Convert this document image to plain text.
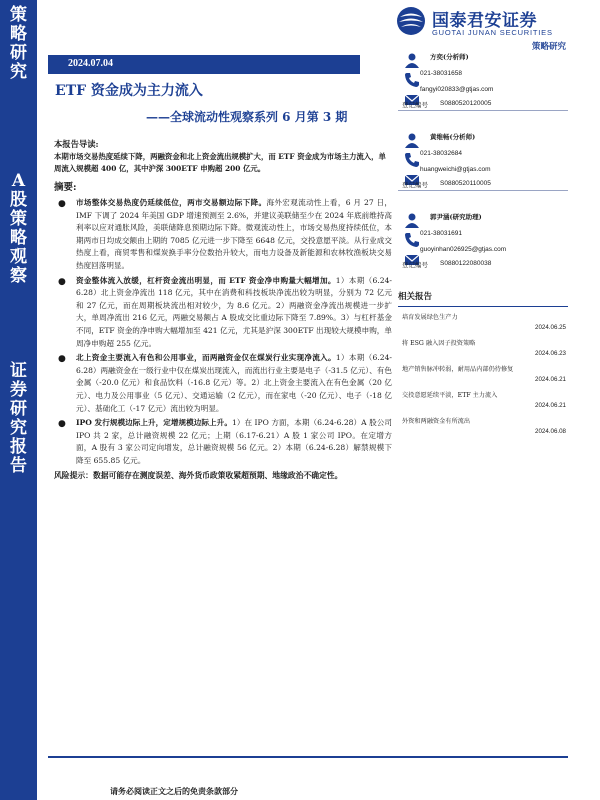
策
略
研
究
A
股
策
略
观
察
证
券
研
究
报
告
国泰君安证券
GUOTAI JUNAN SECURITIES
策略研究
2024.07.04
ETF 资金成为主力流入
——全球流动性观察系列 6 月第 3 期
本报告导读:
本期市场交易热度延续下降，两融资金和北上资金流出规模扩大，而 ETF 资金成为市场主力流入，单周流入规模超 400 亿，其中沪深 300ETF 申购超 200 亿元。
摘要:
● 市场整体交易热度仍延续低位，两市交易额边际下降。海外宏观流动性上看，6 月 27 日，IMF 下调了 2024 年美国 GDP 增速预测至 2.6%，并建议美联储至少在 2024 年底前维持高利率以应对通胀风险，美联储降息预期边际下降。微观流动性上，市场交易热度持续低位，本期两市日均成交额由上期的 7085 亿元进一步下降至 6648 亿元，交投意愿平淡。从行业成交热度上看，商贸零售和煤炭换手率分位数抬升较大，而电力设备及新能源和农林牧渔板块交易热度回落明显。
● 资金整体流入放缓，杠杆资金流出明显，而 ETF 资金净申购量大幅增加。1）本期（6.24-6.28）北上资金净流出 118 亿元，其中在消费和科技板块净流出较为明显，分别为 72 亿元和 27 亿元，而在周期板块流出相对较少，为 8.6 亿元。2）两融资金净流出规模进一步扩大，单周净流出 216 亿元，两融交易额占 A 股成交比重边际下降至 7.89%。3）与杠杆基金不同，ETF 资金的净申购大幅增加至 421 亿元，尤其是沪深 300ETF 出现较大规模申购，单周净申购超 255 亿元。
● 北上资金主要流入有色和公用事业，而两融资金仅在煤炭行业实现净流入。1）本期（6.24-6.28）两融资金在一级行业中仅在煤炭出现流入，而流出行业主要是电子（-31.5 亿元）、有色金属（-20.0 亿元）和食品饮料（-16.8 亿元）等。2）北上资金主要流入在有色金属（20 亿元）、电力及公用事业（5 亿元）、交通运输（2 亿元），而在家电（-20 亿元）、电子（-18 亿元）、基础化工（-17 亿元）流出较为明显。
● IPO 发行规模边际上升，定增规模边际上升。1）在 IPO 方面，本期（6.24-6.28）A 股公司 IPO 共 2 家，总计融资规模 22 亿元；上期（6.17-6.21）A 股 1 家公司 IPO。在定增方面，A 股有 3 家公司定向增发，总计融资规模 56 亿元。2）本期（6.24-6.28）解禁规模下降至 655.85 亿元。
风险提示：数据可能存在测度误差、海外货币政策收紧超预期、地缘政治不确定性。
方奕(分析师)
021-38031658
fangyi020833@gtjas.com
登记编号 S0880520120005
黄维畅(分析师)
021-38032684
huangweichi@gtjas.com
登记编号 S0880520110005
郭尹涵(研究助理)
021-38031691
guoyinhan026925@gtjas.com
登记编号 S0880122080038
相关报告
培育发展绿色生产力
2024.06.25
将 ESG 融入因子投资策略
2024.06.23
地产销售脉冲转弱，耐用品内部仍待修复
2024.06.21
交投意愿延续平淡，ETF 主力流入
2024.06.21
外资和两融资金有所流出
2024.06.08
请务必阅读正文之后的免责条款部分
